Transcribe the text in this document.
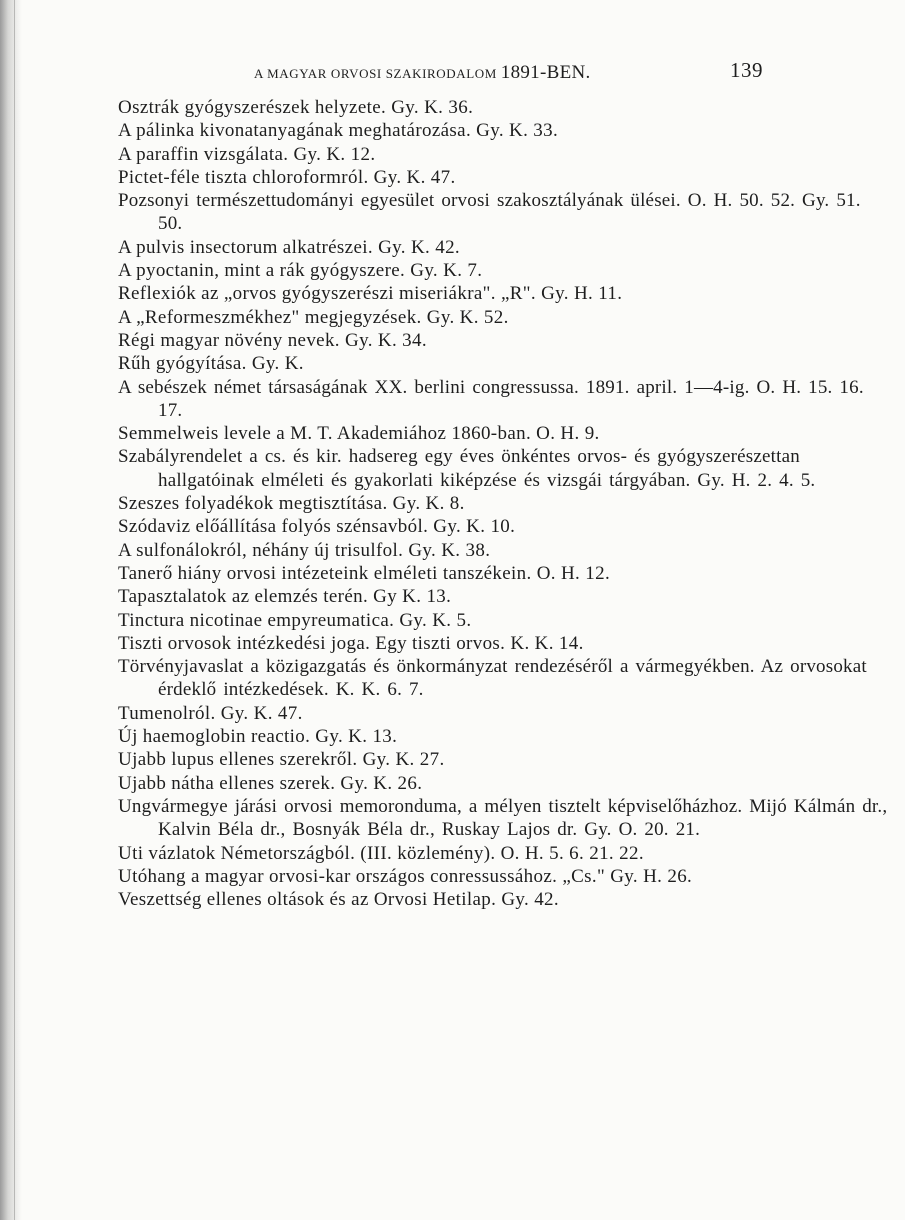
A MAGYAR ORVOSI SZAKIRODALOM 1891-BEN.	139
Osztrák gyógyszerészek helyzete. Gy. K. 36.
A pálinka kivonatanyagának meghatározása. Gy. K. 33.
A paraffin vizsgálata. Gy. K. 12.
Pictet-féle tiszta chloroformról. Gy. K. 47.
Pozsonyi természettudományi egyesület orvosi szakosztályának ülései. O. H. 50. 52. Gy. 51. 50.
A pulvis insectorum alkatrészei. Gy. K. 42.
A pyoctanin, mint a rák gyógyszere. Gy. K. 7.
Reflexiók az „orvos gyógyszerészi miseriákra". „R". Gy. H. 11.
A „Reformeszmékhez" megjegyzések. Gy. K. 52.
Régi magyar növény nevek. Gy. K. 34.
Rűh gyógyítása. Gy. K.
A sebészek német társaságának XX. berlini congressussa. 1891. april. 1—4-ig. O. H. 15. 16. 17.
Semmelweis levele a M. T. Akademiához 1860-ban. O. H. 9.
Szabályrendelet a cs. és kir. hadsereg egy éves önkéntes orvos- és gyógyszerészettan hallgatóinak elméleti és gyakorlati kiképzése és vizsgái tárgyában. Gy. H. 2. 4. 5.
Szeszes folyadékok megtisztítása. Gy. K. 8.
Szódaviz előállítása folyós szénsavból. Gy. K. 10.
A sulfonálokról, néhány új trisulfol. Gy. K. 38.
Tanerő hiány orvosi intézeteink elméleti tanszékein. O. H. 12.
Tapasztalatok az elemzés terén. Gy K. 13.
Tinctura nicotinae empyreumatica. Gy. K. 5.
Tiszti orvosok intézkedési joga. Egy tiszti orvos. K. K. 14.
Törvényjavaslat a közigazgatás és önkormányzat rendezéséről a vármegyékben. Az orvosokat érdeklő intézkedések. K. K. 6. 7.
Tumenolról. Gy. K. 47.
Új haemoglobin reactio. Gy. K. 13.
Ujabb lupus ellenes szerekről. Gy. K. 27.
Ujabb nátha ellenes szerek. Gy. K. 26.
Ungvármegye járási orvosi memoronduma, a mélyen tisztelt képviselőházhoz. Mijó Kálmán dr., Kalvin Béla dr., Bosnyák Béla dr., Ruskay Lajos dr. Gy. O. 20. 21.
Uti vázlatok Németországból. (III. közlemény). O. H. 5. 6. 21. 22.
Utóhang a magyar orvosi-kar országos conressussához. „Cs." Gy. H. 26.
Veszettség ellenes oltások és az Orvosi Hetilap. Gy. 42.
